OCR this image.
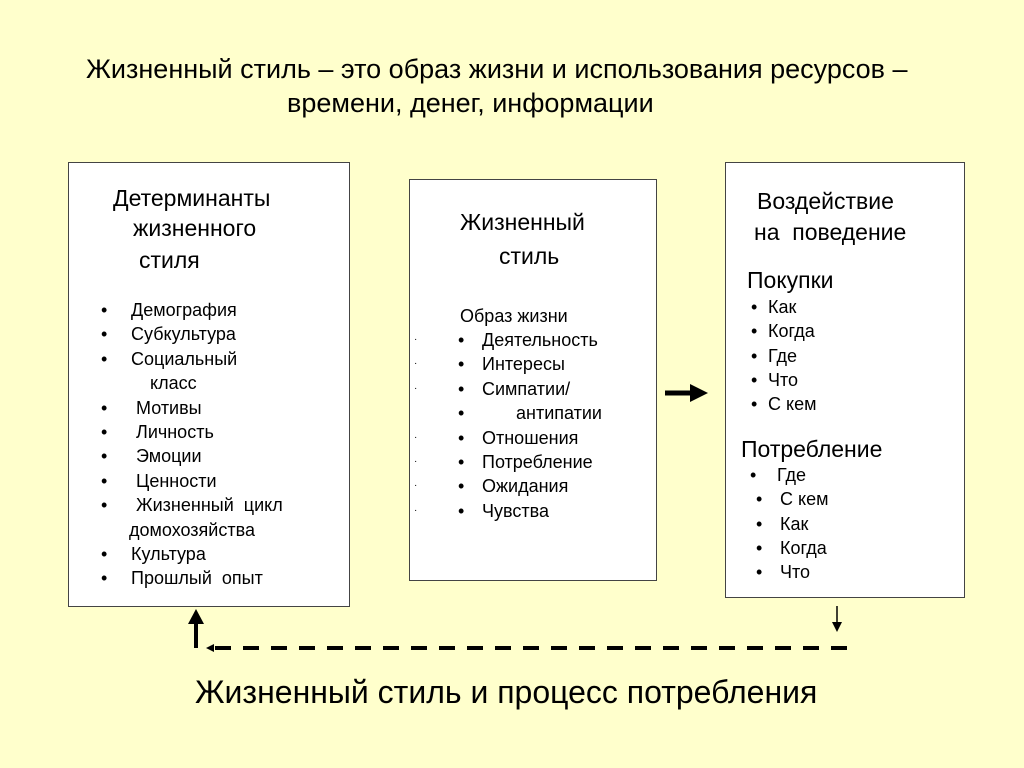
Жизненный стиль – это образ жизни и использования ресурсов –
времени, денег, информации
Детерминанты
жизненного
стиля
• Демография
• Субкультура
• Социальный
класс
• Мотивы
• Личность
• Эмоции
• Ценности
• Жизненный  цикл
домохозяйства
• Культура
• Прошлый  опыт
Жизненный
стиль
Образ жизни
· • Деятельность
· • Интересы
· • Симпатии/
•	антипатии
· • Отношения
· • Потребление
· • Ожидания
· • Чувства
Воздействие
на  поведение
Покупки
• Как
• Когда
• Где
• Что
• С кем
Потребление
• Где
• С кем
• Как
• Когда
• Что
Жизненный стиль и процесс потребления
